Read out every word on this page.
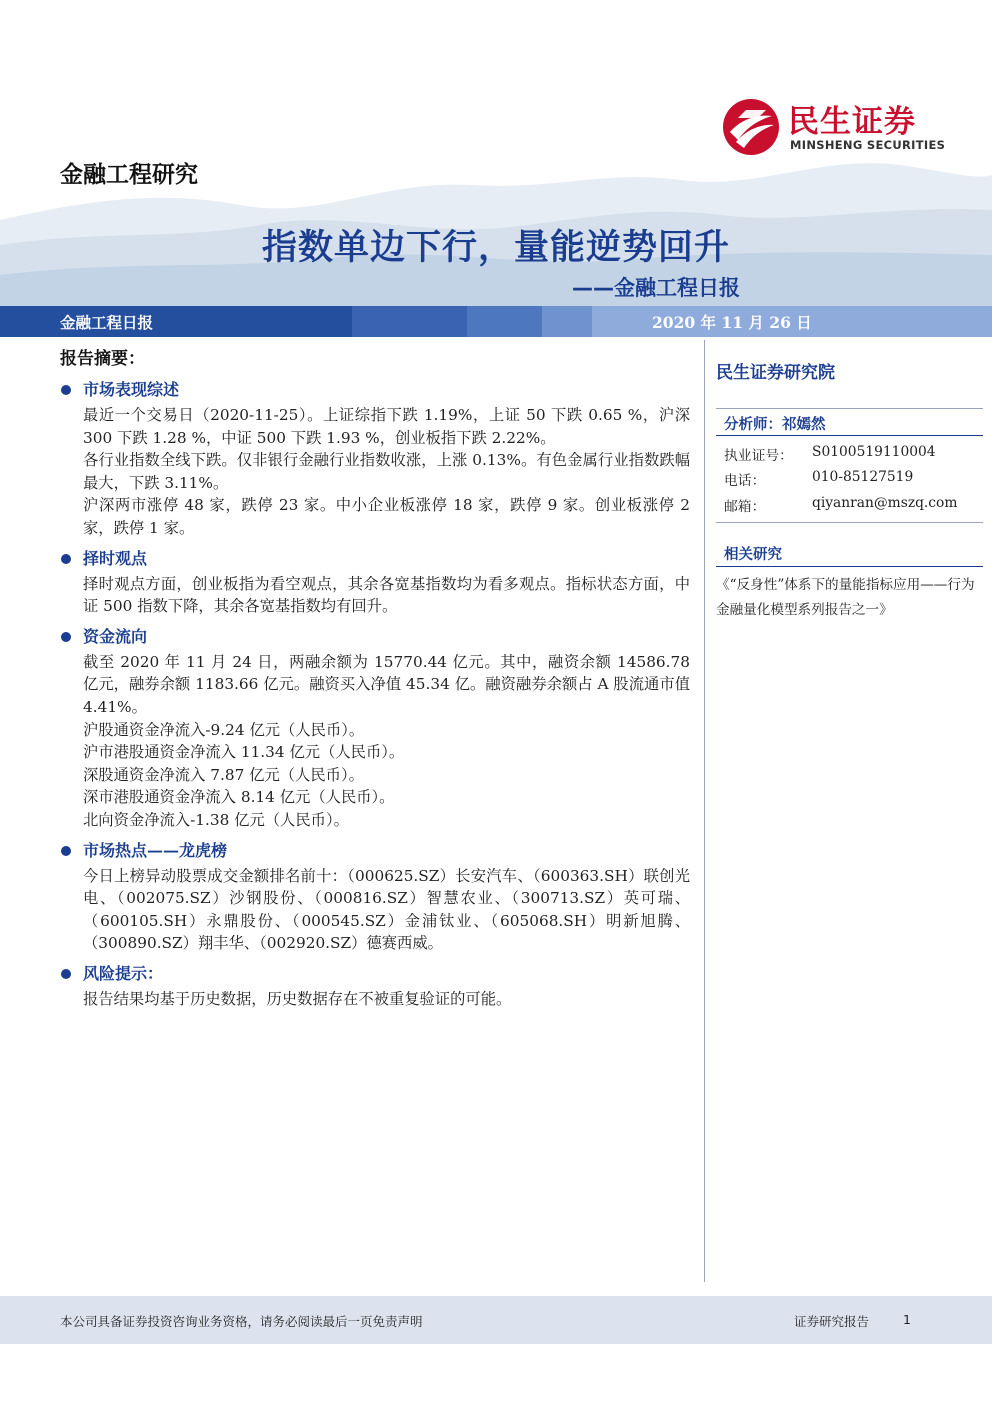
民生证券
MINSHENG SECURITIES
金融工程研究
指数单边下行，量能逆势回升
——金融工程日报
金融工程日报	2020 年 11 月 26 日
报告摘要：
市场表现综述
最近一个交易日（2020-11-25）。上证综指下跌 1.19%，上证 50 下跌 0.65 %，沪深 300 下跌 1.28 %，中证 500 下跌 1.93 %，创业板指下跌 2.22%。
各行业指数全线下跌。仅非银行金融行业指数收涨，上涨 0.13%。有色金属行业指数跌幅最大，下跌 3.11%。
沪深两市涨停 48 家，跌停 23 家。中小企业板涨停 18 家，跌停 9 家。创业板涨停 2 家，跌停 1 家。
择时观点
择时观点方面，创业板指为看空观点，其余各宽基指数均为看多观点。指标状态方面，中证 500 指数下降，其余各宽基指数均有回升。
资金流向
截至 2020 年 11 月 24 日，两融余额为 15770.44 亿元。其中，融资余额 14586.78 亿元，融券余额 1183.66 亿元。融资买入净值 45.34 亿。融资融券余额占 A 股流通市值 4.41%。
沪股通资金净流入-9.24 亿元（人民币）。
沪市港股通资金净流入 11.34 亿元（人民币）。
深股通资金净流入 7.87 亿元（人民币）。
深市港股通资金净流入 8.14 亿元（人民币）。
北向资金净流入-1.38 亿元（人民币）。
市场热点——龙虎榜
今日上榜异动股票成交金额排名前十：（000625.SZ）长安汽车、（600363.SH）联创光电、（002075.SZ）沙钢股份、（000816.SZ）智慧农业、（300713.SZ）英可瑞、（600105.SH）永鼎股份、（000545.SZ）金浦钛业、（605068.SH）明新旭腾、（300890.SZ）翔丰华、（002920.SZ）德赛西威。
风险提示：
报告结果均基于历史数据，历史数据存在不被重复验证的可能。
民生证券研究院
分析师：祁嫣然
执业证号： S0100519110004
电话：	010-85127519
邮箱：	qiyanran@mszq.com
相关研究
《“反身性”体系下的量能指标应用——行为金融量化模型系列报告之一》
本公司具备证券投资咨询业务资格，请务必阅读最后一页免责声明	证券研究报告	1
